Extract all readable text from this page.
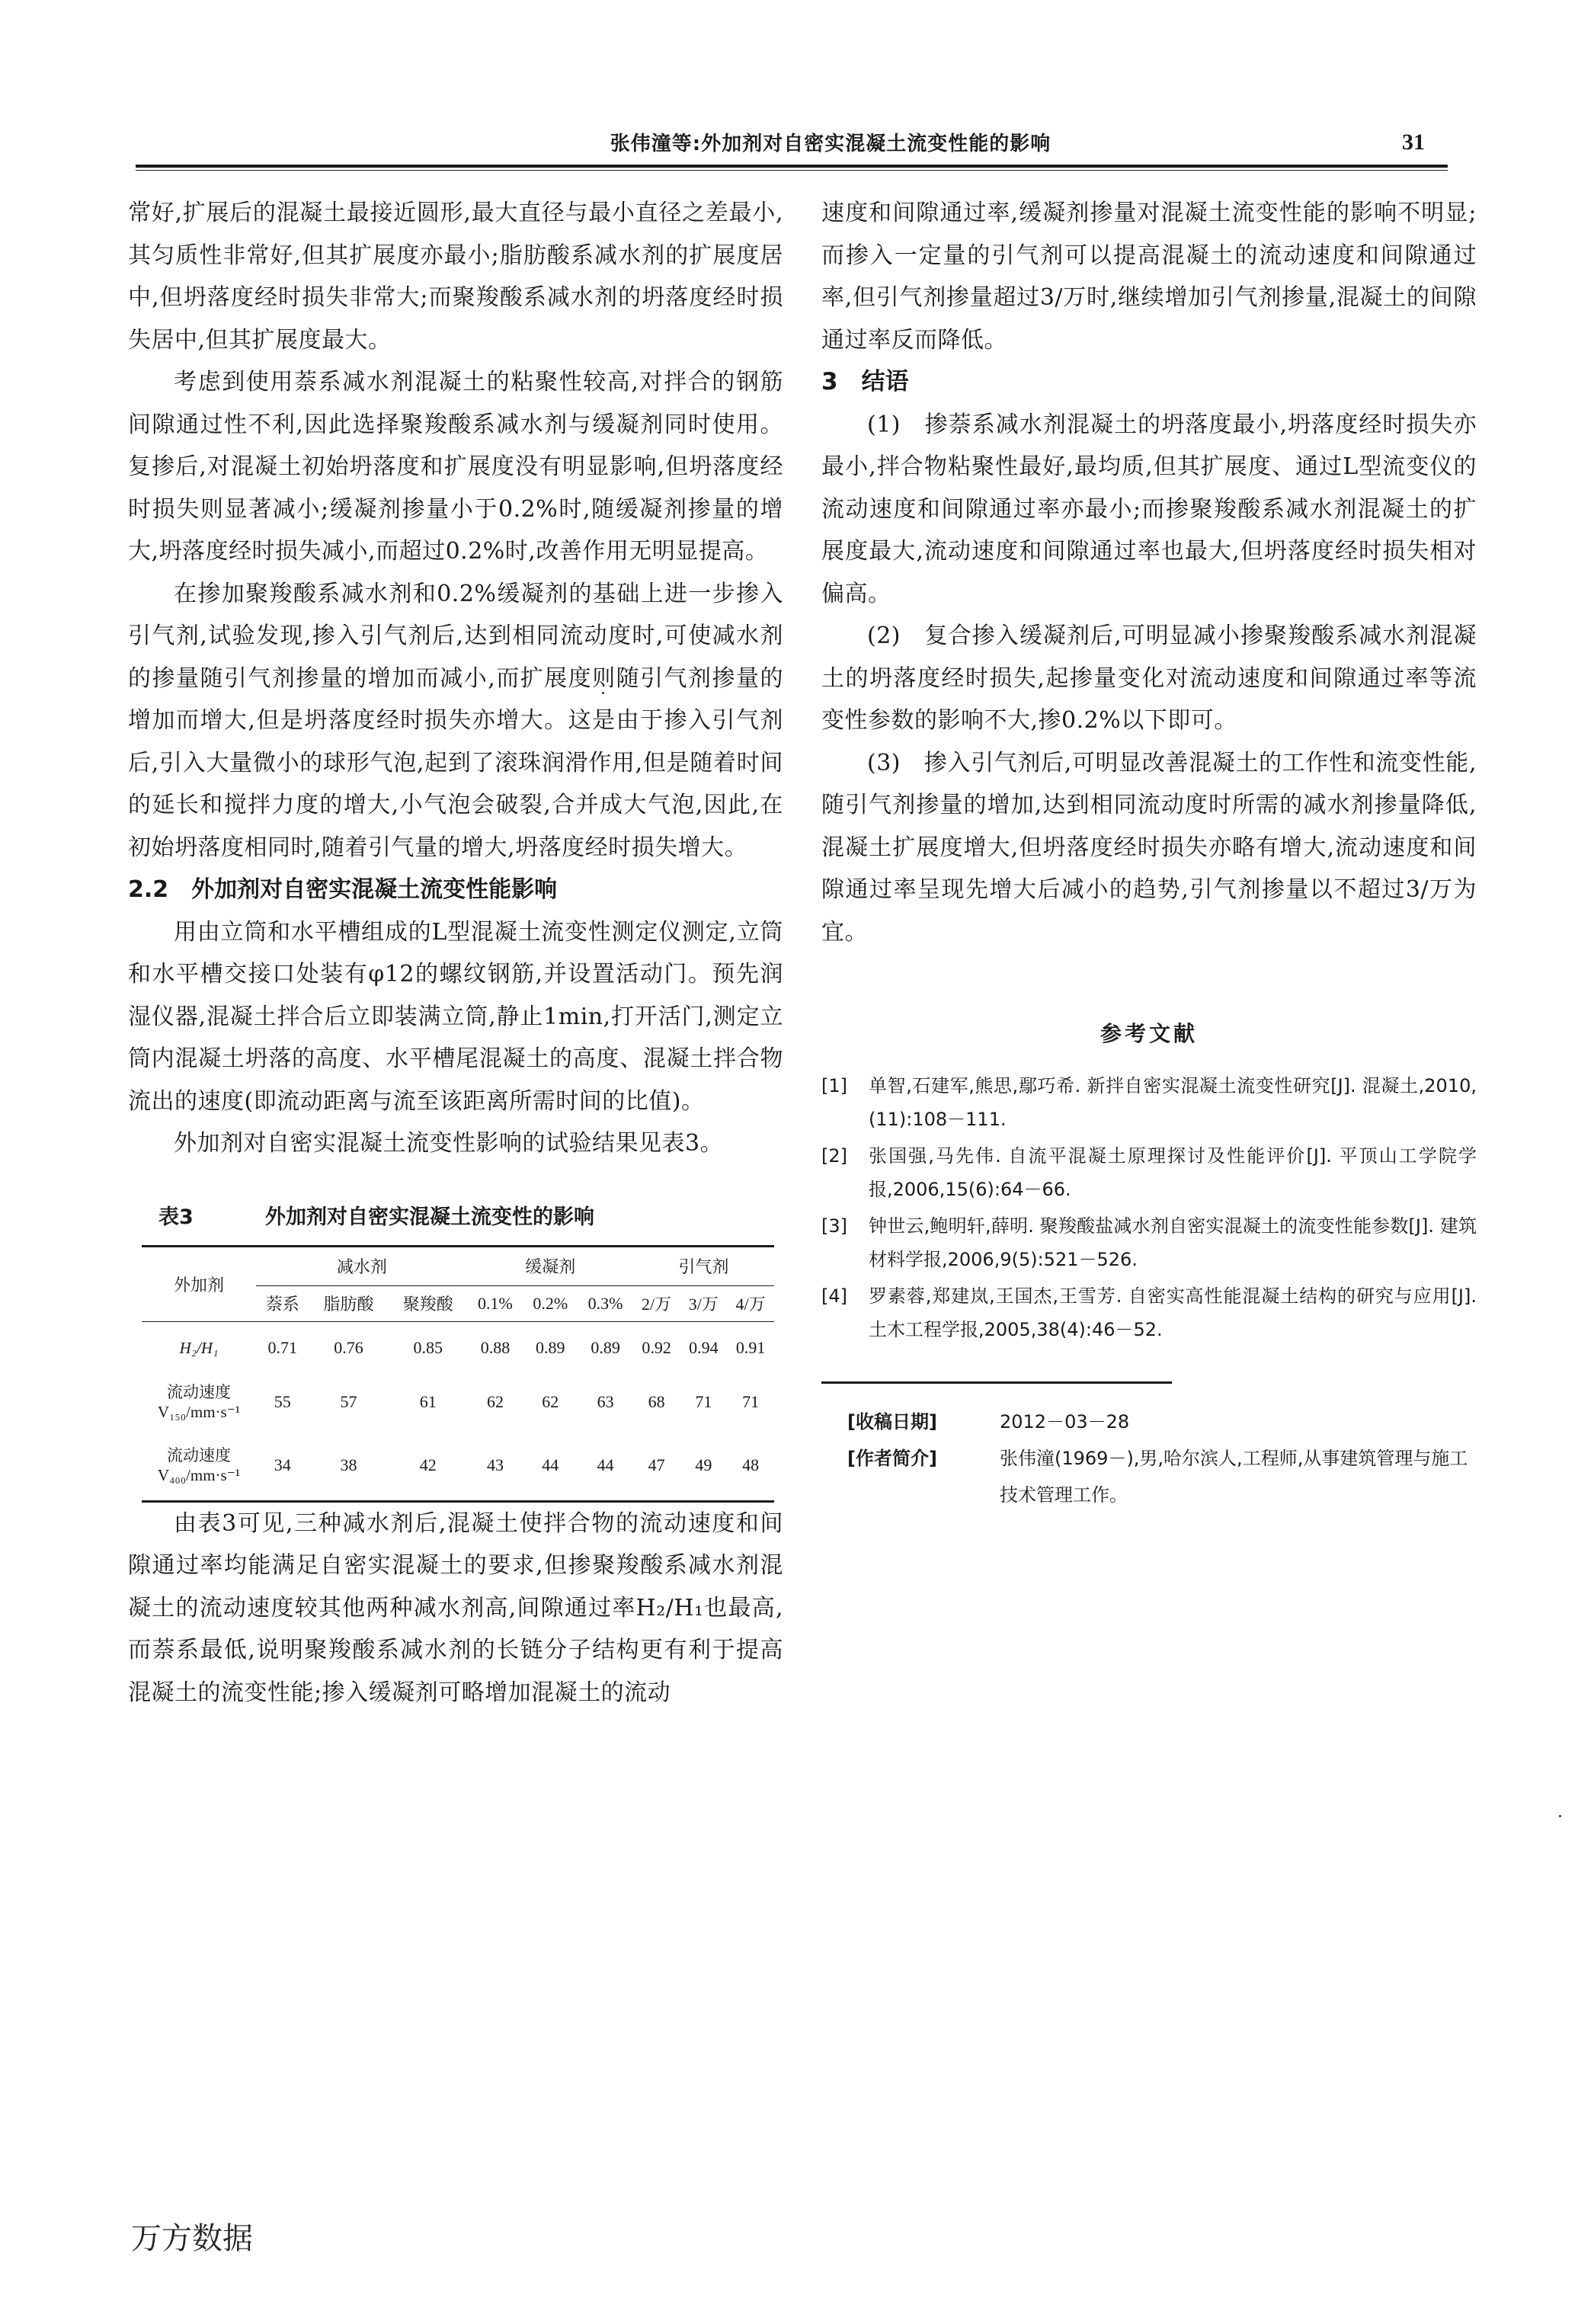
张伟潼等:外加剂对自密实混凝土流变性能的影响	31

常好,扩展后的混凝土最接近圆形,最大直径与最小直径之差最小,其匀质性非常好,但其扩展度亦最小;脂肪酸系减水剂的扩展度居中,但坍落度经时损失非常大;而聚羧酸系减水剂的坍落度经时损失居中,但其扩展度最大。

考虑到使用萘系减水剂混凝土的粘聚性较高,对拌合的钢筋间隙通过性不利,因此选择聚羧酸系减水剂与缓凝剂同时使用。复掺后,对混凝土初始坍落度和扩展度没有明显影响,但坍落度经时损失则显著减小;缓凝剂掺量小于0.2%时,随缓凝剂掺量的增大,坍落度经时损失减小,而超过0.2%时,改善作用无明显提高。

在掺加聚羧酸系减水剂和0.2%缓凝剂的基础上进一步掺入引气剂,试验发现,掺入引气剂后,达到相同流动度时,可使减水剂的掺量随引气剂掺量的增加而减小,而扩展度则随引气剂掺量的增加而增大,但是坍落度经时损失亦增大。这是由于掺入引气剂后,引入大量微小的球形气泡,起到了滚珠润滑作用,但是随着时间的延长和搅拌力度的增大,小气泡会破裂,合并成大气泡,因此,在初始坍落度相同时,随着引气量的增大,坍落度经时损失增大。

2.2　外加剂对自密实混凝土流变性能影响

用由立筒和水平槽组成的L型混凝土流变性测定仪测定,立筒和水平槽交接口处装有φ12的螺纹钢筋,并设置活动门。预先润湿仪器,混凝土拌合后立即装满立筒,静止1min,打开活门,测定立筒内混凝土坍落的高度、水平槽尾混凝土的高度、混凝土拌合物流出的速度(即流动距离与流至该距离所需时间的比值)。

外加剂对自密实混凝土流变性影响的试验结果见表3。

表3	外加剂对自密实混凝土流变性的影响
外加剂	减水剂			缓凝剂			引气剂		
	萘系	脂肪酸	聚羧酸	0.1%	0.2%	0.3%	2/万	3/万	4/万
H₂/H₁	0.71	0.76	0.85	0.88	0.89	0.89	0.92	0.94	0.91

流动速度
V₁₅₀/mm·s⁻¹	55	57	61	62	62	63	68	71	71

流动速度
V₄₀₀/mm·s⁻¹	34	38	42	43	44	44	47	49	48

由表3可见,三种减水剂后,混凝土使拌合物的流动速度和间隙通过率均能满足自密实混凝土的要求,但掺聚羧酸系减水剂混凝土的流动速度较其他两种减水剂高,间隙通过率H₂/H₁也最高,而萘系最低,说明聚羧酸系减水剂的长链分子结构更有利于提高混凝土的流变性能;掺入缓凝剂可略增加混凝土的流动

速度和间隙通过率,缓凝剂掺量对混凝土流变性能的影响不明显;而掺入一定量的引气剂可以提高混凝土的流动速度和间隙通过率,但引气剂掺量超过3/万时,继续增加引气剂掺量,混凝土的间隙通过率反而降低。

3　结语

(1)　掺萘系减水剂混凝土的坍落度最小,坍落度经时损失亦最小,拌合物粘聚性最好,最均质,但其扩展度、通过L型流变仪的流动速度和间隙通过率亦最小;而掺聚羧酸系减水剂混凝土的扩展度最大,流动速度和间隙通过率也最大,但坍落度经时损失相对偏高。

(2)　复合掺入缓凝剂后,可明显减小掺聚羧酸系减水剂混凝土的坍落度经时损失,起掺量变化对流动速度和间隙通过率等流变性参数的影响不大,掺0.2%以下即可。

(3)　掺入引气剂后,可明显改善混凝土的工作性和流变性能,随引气剂掺量的增加,达到相同流动度时所需的减水剂掺量降低,混凝土扩展度增大,但坍落度经时损失亦略有增大,流动速度和间隙通过率呈现先增大后减小的趋势,引气剂掺量以不超过3/万为宜。

参考文献
[1]	单智,石建军,熊思,鄢巧希. 新拌自密实混凝土流变性研究[J]. 混凝土,2010,(11):108－111.
[2]	张国强,马先伟. 自流平混凝土原理探讨及性能评价[J]. 平顶山工学院学报,2006,15(6):64－66.
[3]	钟世云,鲍明轩,薛明. 聚羧酸盐减水剂自密实混凝土的流变性能参数[J]. 建筑材料学报,2006,9(5):521－526.
[4]	罗素蓉,郑建岚,王国杰,王雪芳. 自密实高性能混凝土结构的研究与应用[J]. 土木工程学报,2005,38(4):46－52.
[收稿日期]	2012－03－28
[作者简介]	张伟潼(1969－),男,哈尔滨人,工程师,从事建筑管理与施工技术管理工作。
万方数据
